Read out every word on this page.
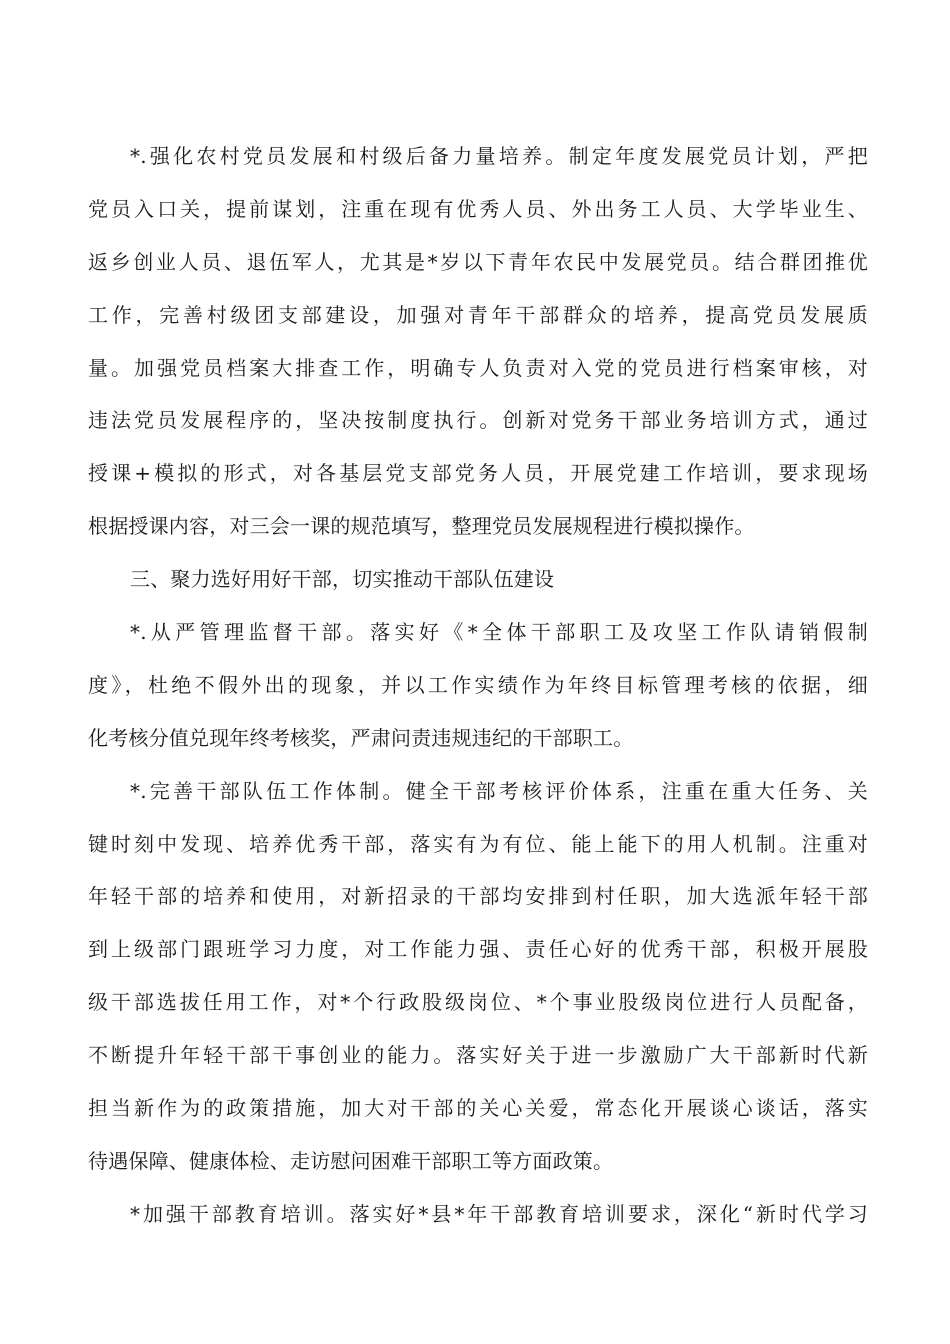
*.强化农村党员发展和村级后备力量培养。制定年度发展党员计划，严把
党员入口关，提前谋划，注重在现有优秀人员、外出务工人员、大学毕业生、
返乡创业人员、退伍军人，尤其是*岁以下青年农民中发展党员。结合群团推优
工作，完善村级团支部建设，加强对青年干部群众的培养，提高党员发展质
量。加强党员档案大排查工作，明确专人负责对入党的党员进行档案审核，对
违法党员发展程序的，坚决按制度执行。创新对党务干部业务培训方式，通过
授课+模拟的形式，对各基层党支部党务人员，开展党建工作培训，要求现场
根据授课内容，对三会一课的规范填写，整理党员发展规程进行模拟操作。
三、聚力选好用好干部，切实推动干部队伍建设
*.从严管理监督干部。落实好《*全体干部职工及攻坚工作队请销假制
度》，杜绝不假外出的现象，并以工作实绩作为年终目标管理考核的依据，细
化考核分值兑现年终考核奖，严肃问责违规违纪的干部职工。
*.完善干部队伍工作体制。健全干部考核评价体系，注重在重大任务、关
键时刻中发现、培养优秀干部，落实有为有位、能上能下的用人机制。注重对
年轻干部的培养和使用，对新招录的干部均安排到村任职，加大选派年轻干部
到上级部门跟班学习力度，对工作能力强、责任心好的优秀干部，积极开展股
级干部选拔任用工作，对*个行政股级岗位、*个事业股级岗位进行人员配备，
不断提升年轻干部干事创业的能力。落实好关于进一步激励广大干部新时代新
担当新作为的政策措施，加大对干部的关心关爱，常态化开展谈心谈话，落实
待遇保障、健康体检、走访慰问困难干部职工等方面政策。
*加强干部教育培训。落实好*县*年干部教育培训要求，深化“新时代学习
